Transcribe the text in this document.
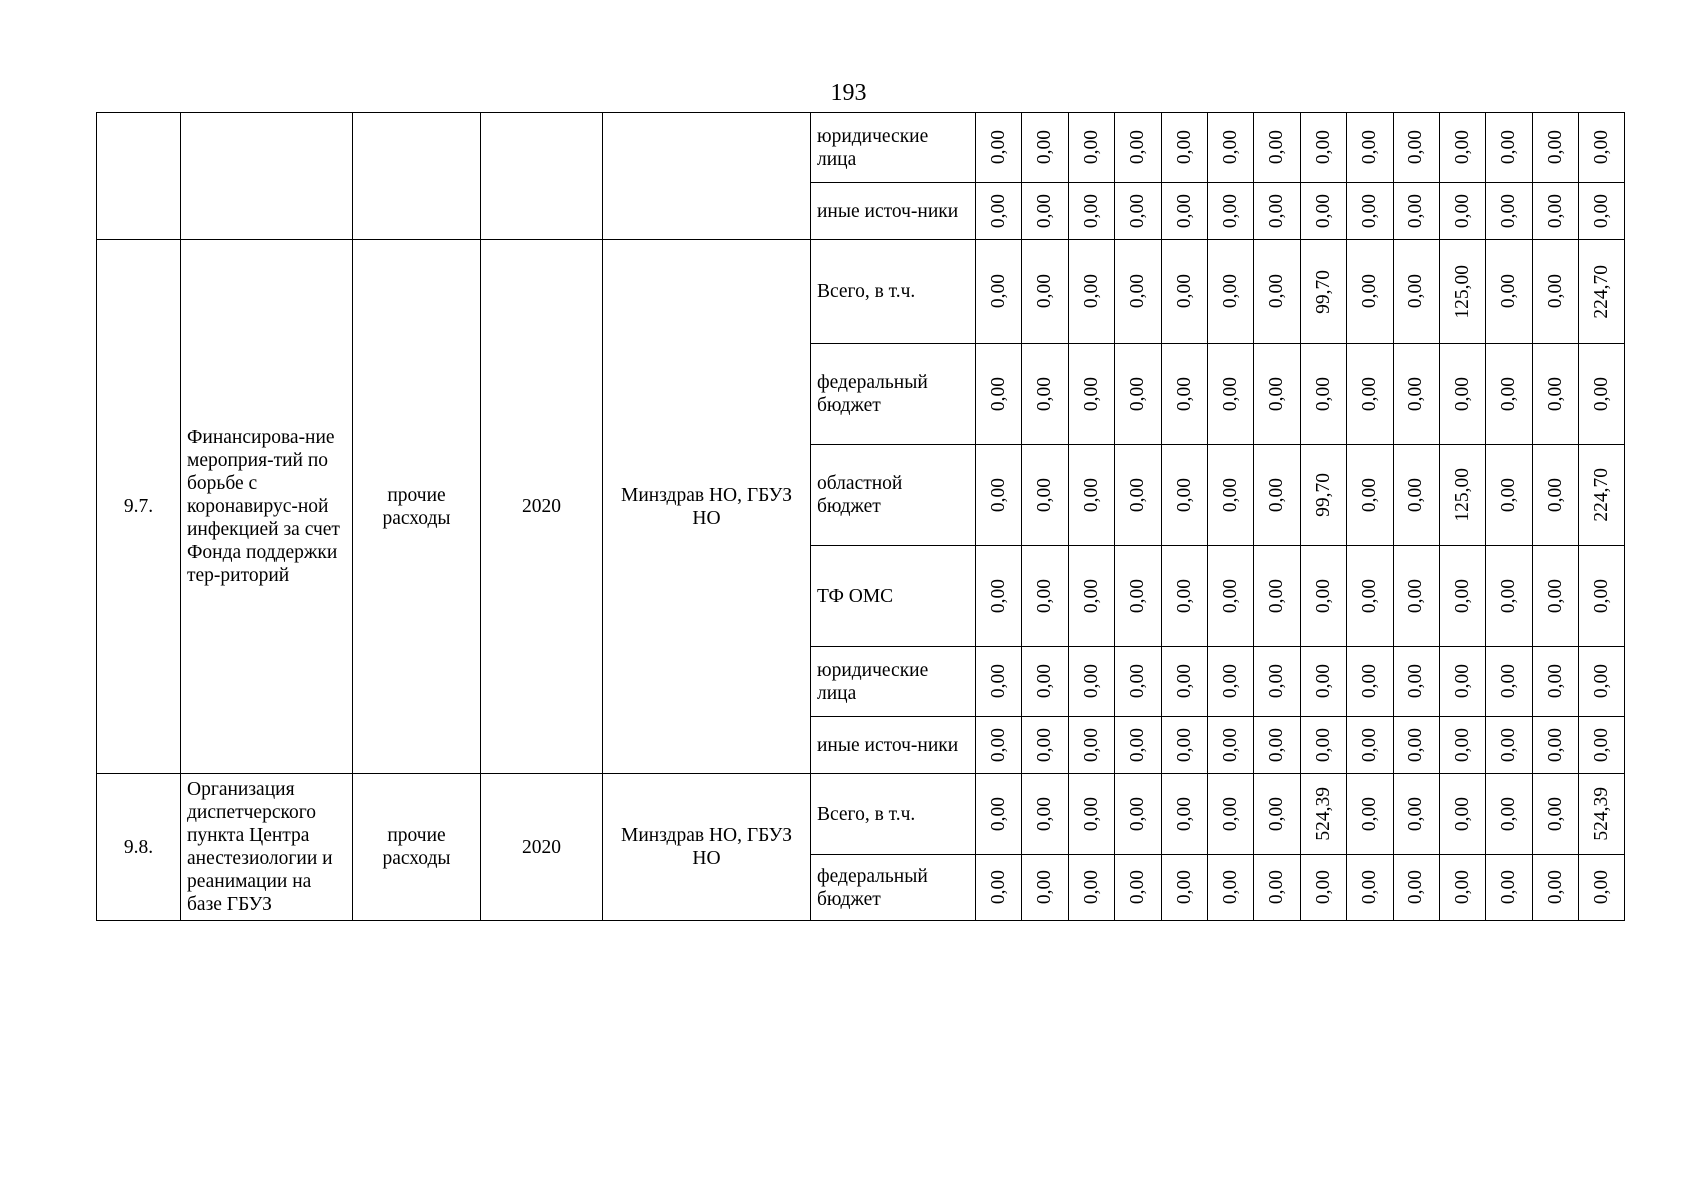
193
					юридические лица	0,00	0,00	0,00	0,00	0,00	0,00	0,00	0,00	0,00	0,00	0,00	0,00	0,00	0,00

					иные источ-ники	0,00	0,00	0,00	0,00	0,00	0,00	0,00	0,00	0,00	0,00	0,00	0,00	0,00	0,00

9.7.	Финансирова-ние мероприя-тий по борьбе с коронавирус-ной инфекцией за счет Фонда поддержки тер-риторий	прочие расходы	2020	Минздрав НО, ГБУЗ НО	Всего, в т.ч.	0,00	0,00	0,00	0,00	0,00	0,00	0,00	99,70	0,00	0,00	125,00	0,00	0,00	224,70

					федеральный бюджет	0,00	0,00	0,00	0,00	0,00	0,00	0,00	0,00	0,00	0,00	0,00	0,00	0,00	0,00

					областной бюджет	0,00	0,00	0,00	0,00	0,00	0,00	0,00	99,70	0,00	0,00	125,00	0,00	0,00	224,70

					ТФ ОМС	0,00	0,00	0,00	0,00	0,00	0,00	0,00	0,00	0,00	0,00	0,00	0,00	0,00	0,00

					юридические лица	0,00	0,00	0,00	0,00	0,00	0,00	0,00	0,00	0,00	0,00	0,00	0,00	0,00	0,00

					иные источ-ники	0,00	0,00	0,00	0,00	0,00	0,00	0,00	0,00	0,00	0,00	0,00	0,00	0,00	0,00

9.8.	Организация диспетчерского пункта Центра анестезиологии и реанимации на базе ГБУЗ	прочие расходы	2020	Минздрав НО, ГБУЗ НО	Всего, в т.ч.	0,00	0,00	0,00	0,00	0,00	0,00	0,00	524,39	0,00	0,00	0,00	0,00	0,00	524,39

					федеральный бюджет	0,00	0,00	0,00	0,00	0,00	0,00	0,00	0,00	0,00	0,00	0,00	0,00	0,00	0,00
